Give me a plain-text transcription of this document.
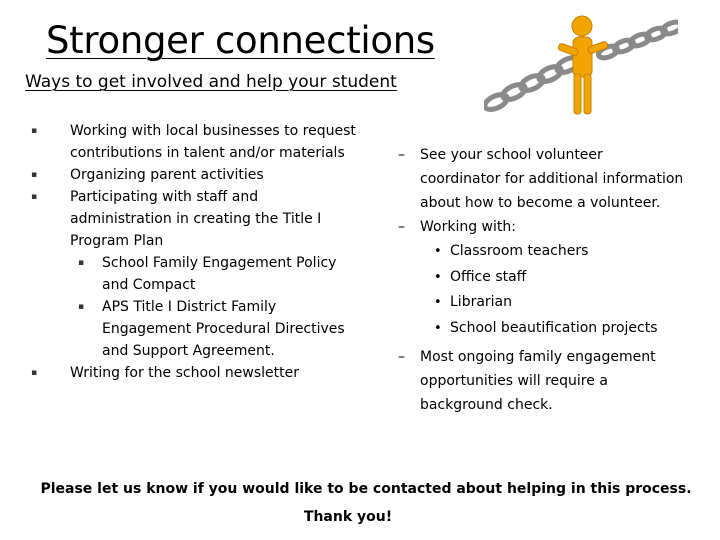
Stronger connections
Ways to get involved and help your student
▪ Working with local businesses to request contributions in talent and/or materials
▪ Organizing parent activities
▪ Participating with staff and administration in creating the Title I Program Plan
▪ School Family Engagement Policy and Compact
▪ APS Title I District Family Engagement Procedural Directives and Support Agreement.
▪ Writing for the school newsletter
– See your school volunteer coordinator for additional information about how to become a volunteer.
– Working with:
• Classroom teachers
• Office staff
• Librarian
• School beautification projects
– Most ongoing family engagement opportunities will require a background check.
Please let us know if you would like to be contacted about helping in this process.
Thank you!
